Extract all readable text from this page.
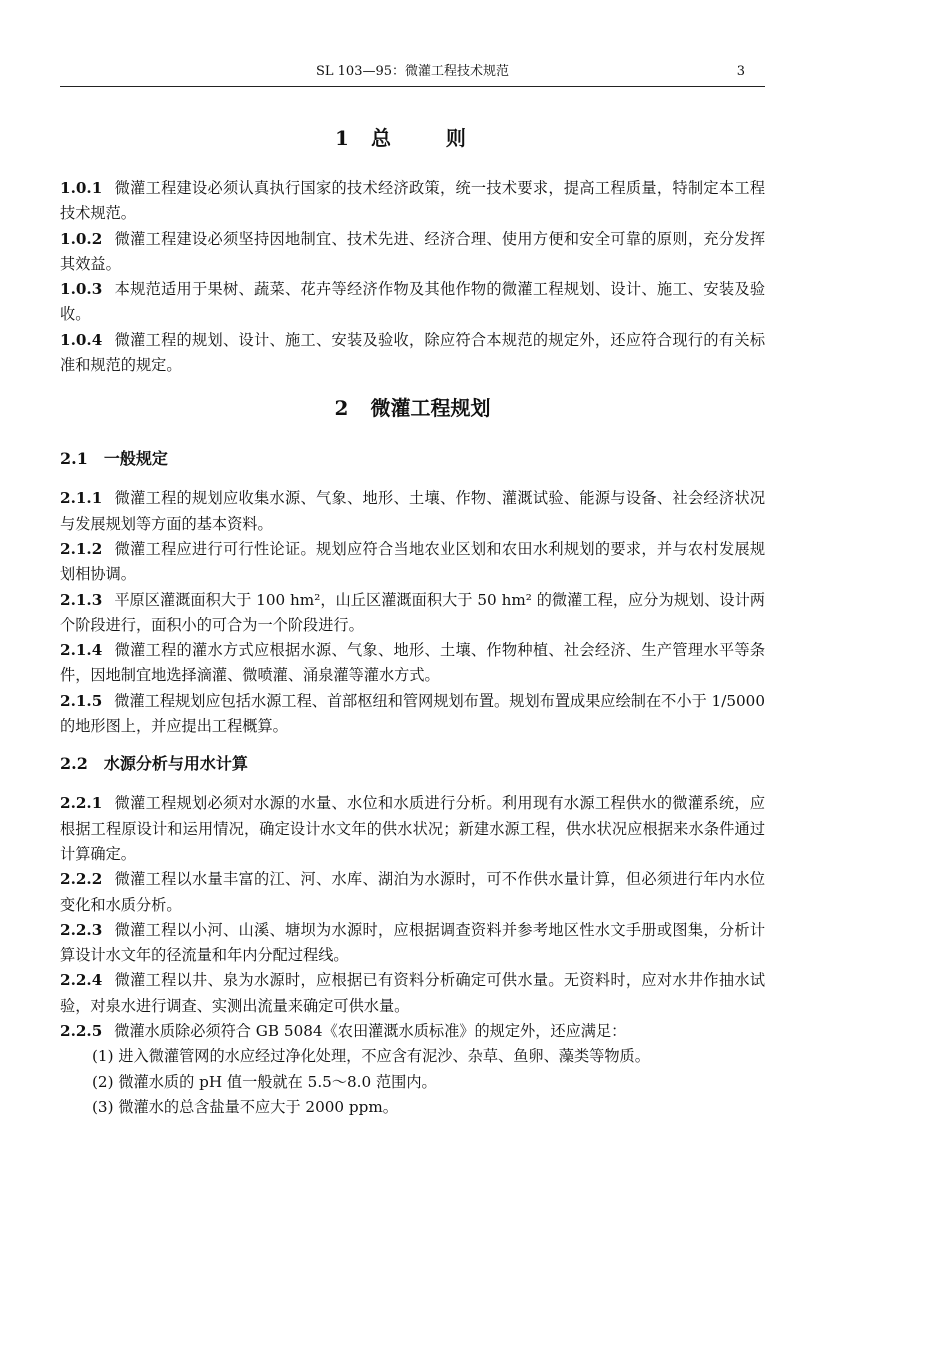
SL 103—95：微灌工程技术规范	3
1 总 则

1.0.1 微灌工程建设必须认真执行国家的技术经济政策，统一技术要求，提高工程质量，特制定本工程技术规范。

1.0.2 微灌工程建设必须坚持因地制宜、技术先进、经济合理、使用方便和安全可靠的原则，充分发挥其效益。

1.0.3 本规范适用于果树、蔬菜、花卉等经济作物及其他作物的微灌工程规划、设计、施工、安装及验收。

1.0.4 微灌工程的规划、设计、施工、安装及验收，除应符合本规范的规定外，还应符合现行的有关标准和规范的规定。

2 微灌工程规划
2.1 一般规定

2.1.1 微灌工程的规划应收集水源、气象、地形、土壤、作物、灌溉试验、能源与设备、社会经济状况与发展规划等方面的基本资料。

2.1.2 微灌工程应进行可行性论证。规划应符合当地农业区划和农田水利规划的要求，并与农村发展规划相协调。

2.1.3 平原区灌溉面积大于 100 hm²，山丘区灌溉面积大于 50 hm² 的微灌工程，应分为规划、设计两个阶段进行，面积小的可合为一个阶段进行。

2.1.4 微灌工程的灌水方式应根据水源、气象、地形、土壤、作物种植、社会经济、生产管理水平等条件，因地制宜地选择滴灌、微喷灌、涌泉灌等灌水方式。

2.1.5 微灌工程规划应包括水源工程、首部枢纽和管网规划布置。规划布置成果应绘制在不小于 1/5000 的地形图上，并应提出工程概算。

2.2 水源分析与用水计算

2.2.1 微灌工程规划必须对水源的水量、水位和水质进行分析。利用现有水源工程供水的微灌系统，应根据工程原设计和运用情况，确定设计水文年的供水状况；新建水源工程，供水状况应根据来水条件通过计算确定。

2.2.2 微灌工程以水量丰富的江、河、水库、湖泊为水源时，可不作供水量计算，但必须进行年内水位变化和水质分析。

2.2.3 微灌工程以小河、山溪、塘坝为水源时，应根据调查资料并参考地区性水文手册或图集，分析计算设计水文年的径流量和年内分配过程线。

2.2.4 微灌工程以井、泉为水源时，应根据已有资料分析确定可供水量。无资料时，应对水井作抽水试验，对泉水进行调查、实测出流量来确定可供水量。

2.2.5 微灌水质除必须符合 GB 5084《农田灌溉水质标准》的规定外，还应满足：

(1) 进入微灌管网的水应经过净化处理，不应含有泥沙、杂草、鱼卵、藻类等物质。

(2) 微灌水质的 pH 值一般就在 5.5～8.0 范围内。

(3) 微灌水的总含盐量不应大于 2000 ppm。
